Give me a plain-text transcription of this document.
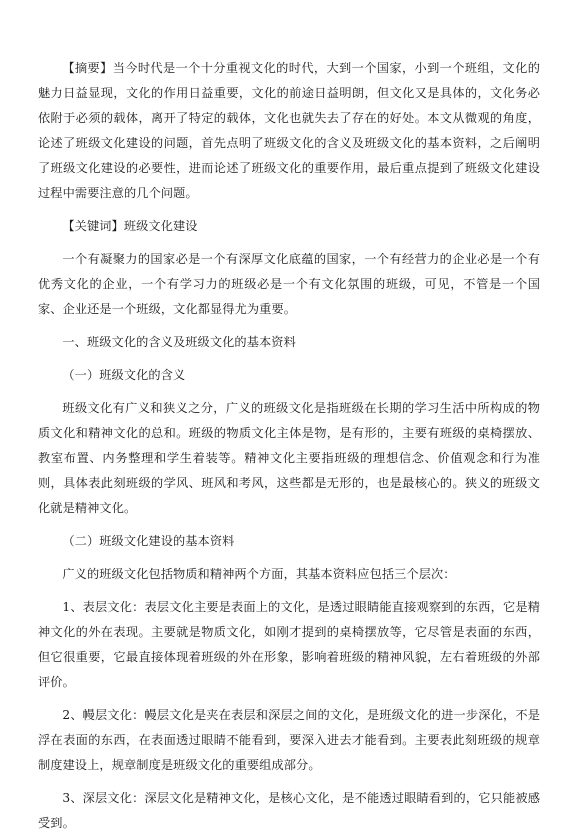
【摘要】当今时代是一个十分重视文化的时代，大到一个国家，小到一个班组，文化的魅力日益显现，文化的作用日益重要，文化的前途日益明朗，但文化又是具体的，文化务必依附于必须的载体，离开了特定的载体，文化也就失去了存在的好处。本文从微观的角度，论述了班级文化建设的问题，首先点明了班级文化的含义及班级文化的基本资料，之后阐明了班级文化建设的必要性，进而论述了班级文化的重要作用，最后重点提到了班级文化建设过程中需要注意的几个问题。

【关键词】班级文化建设

一个有凝聚力的国家必是一个有深厚文化底蕴的国家，一个有经营力的企业必是一个有优秀文化的企业，一个有学习力的班级必是一个有文化氛围的班级，可见，不管是一个国家、企业还是一个班级，文化都显得尤为重要。

一、班级文化的含义及班级文化的基本资料

（一）班级文化的含义

班级文化有广义和狭义之分，广义的班级文化是指班级在长期的学习生活中所构成的物质文化和精神文化的总和。班级的物质文化主体是物，是有形的，主要有班级的桌椅摆放、教室布置、内务整理和学生着装等。精神文化主要指班级的理想信念、价值观念和行为准则，具体表此刻班级的学风、班风和考风，这些都是无形的，也是最核心的。狭义的班级文化就是精神文化。

（二）班级文化建设的基本资料

广义的班级文化包括物质和精神两个方面，其基本资料应包括三个层次：

1、表层文化：表层文化主要是表面上的文化，是透过眼睛能直接观察到的东西，它是精神文化的外在表现。主要就是物质文化，如刚才提到的桌椅摆放等，它尽管是表面的东西，但它很重要，它最直接体现着班级的外在形象，影响着班级的精神风貌，左右着班级的外部评价。

2、幔层文化：幔层文化是夹在表层和深层之间的文化，是班级文化的进一步深化，不是浮在表面的东西，在表面透过眼睛不能看到，要深入进去才能看到。主要表此刻班级的规章制度建设上，规章制度是班级文化的重要组成部分。

3、深层文化：深层文化是精神文化，是核心文化，是不能透过眼睛看到的，它只能被感受到。
